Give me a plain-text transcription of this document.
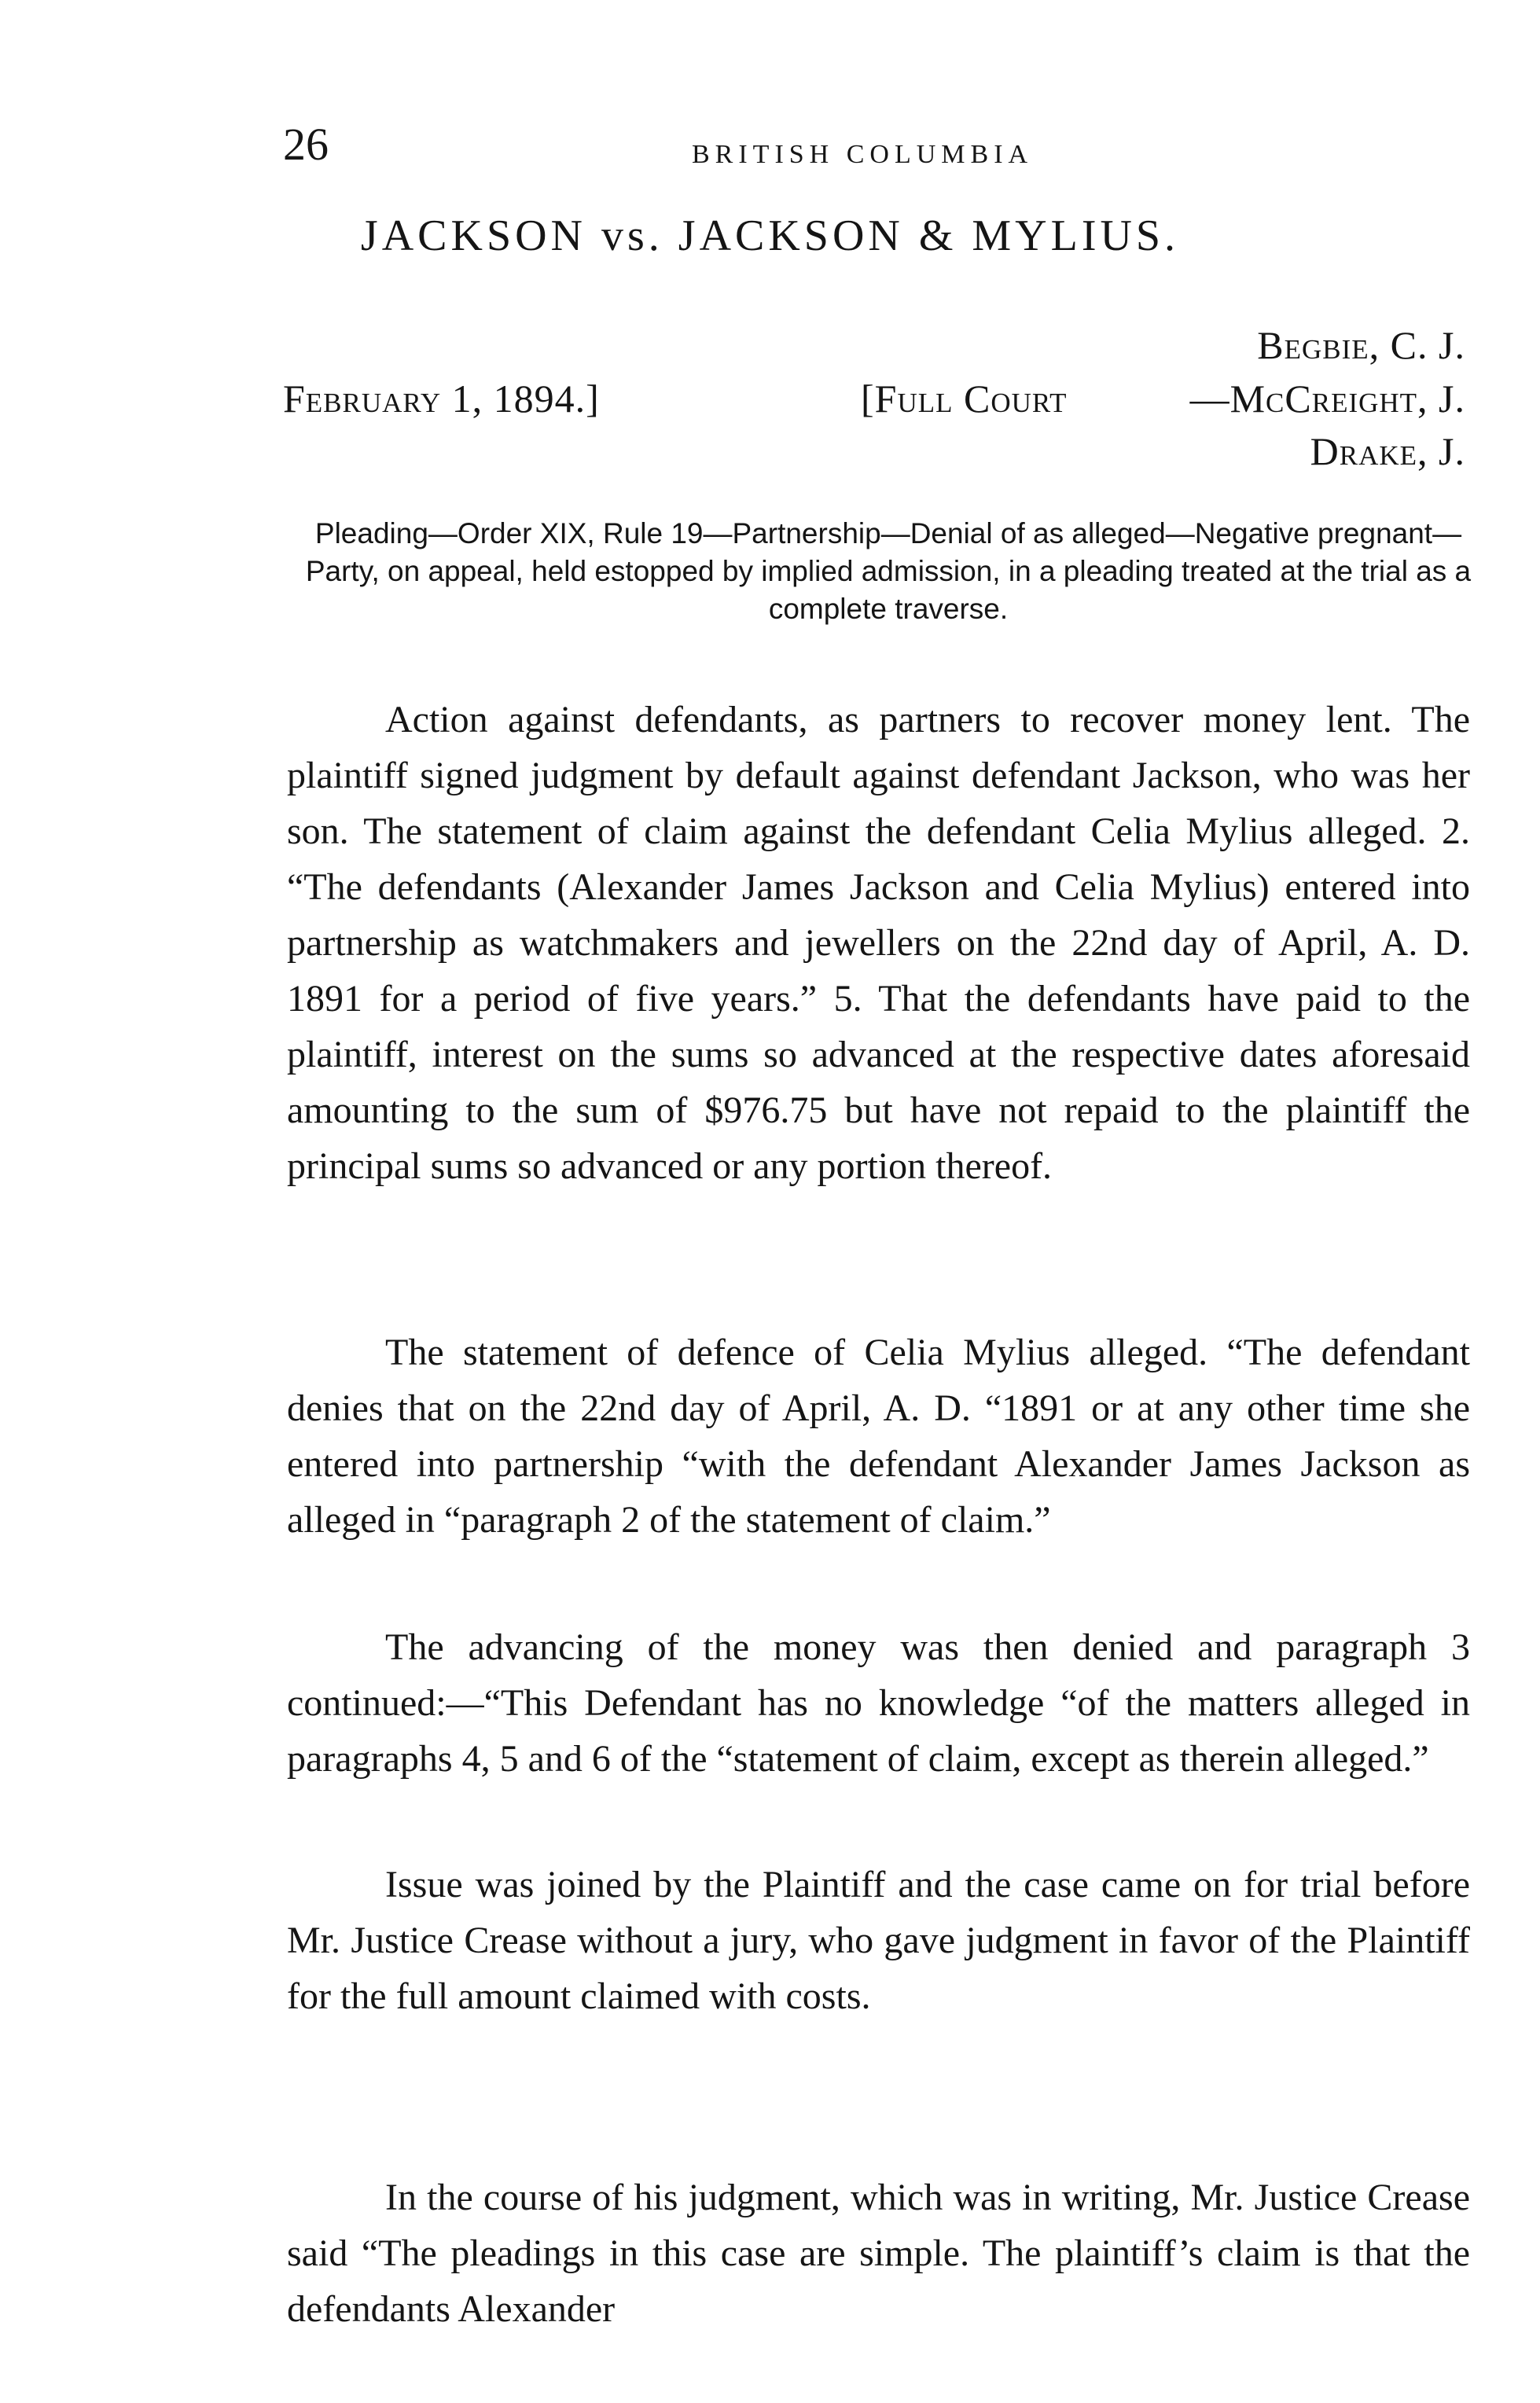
26	BRITISH COLUMBIA
JACKSON vs. JACKSON & MYLIUS.
Begbie, C. J.
February 1, 1894.]	[Full Court	—McCreight, J.
Drake, J.

Pleading—Order XIX, Rule 19—Partnership—Denial of as alleged—Negative pregnant—Party, on appeal, held estopped by implied admission, in a pleading treated at the trial as a complete traverse.

Action against defendants, as partners to recover money lent. The plaintiff signed judgment by default against defendant Jackson, who was her son. The statement of claim against the defendant Celia Mylius alleged. 2. “The defendants (Alexander James Jackson and Celia Mylius) entered into partnership as watchmakers and jewellers on the 22nd day of April, A. D. 1891 for a period of five years.” 5. That the defendants have paid to the plaintiff, interest on the sums so advanced at the respective dates aforesaid amounting to the sum of $976.75 but have not repaid to the plaintiff the principal sums so advanced or any portion thereof.

The statement of defence of Celia Mylius alleged. “The defendant denies that on the 22nd day of April, A. D. “1891 or at any other time she entered into partnership “with the defendant Alexander James Jackson as alleged in “paragraph 2 of the statement of claim.”

The advancing of the money was then denied and paragraph 3 continued:—“This Defendant has no knowledge “of the matters alleged in paragraphs 4, 5 and 6 of the “statement of claim, except as therein alleged.”

Issue was joined by the Plaintiff and the case came on for trial before Mr. Justice Crease without a jury, who gave judgment in favor of the Plaintiff for the full amount claimed with costs.

In the course of his judgment, which was in writing, Mr. Justice Crease said “The pleadings in this case are simple. The plaintiff’s claim is that the defendants Alexander
